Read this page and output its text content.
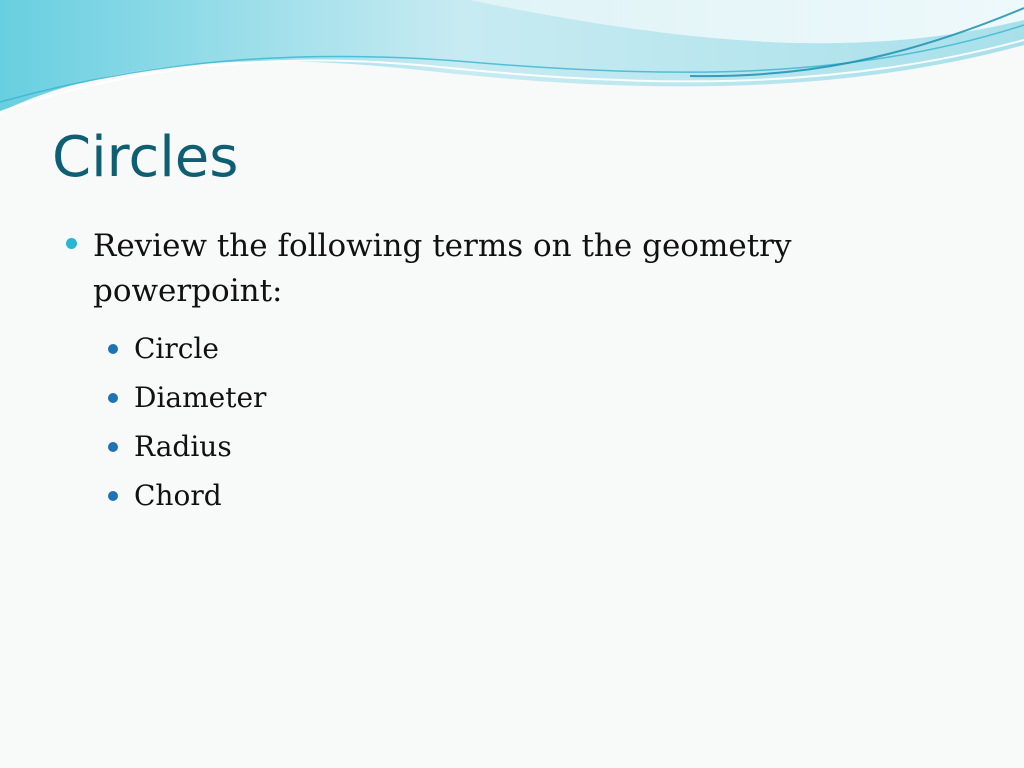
Circles
Review the following terms on the geometry powerpoint:
Circle
Diameter
Radius
Chord
